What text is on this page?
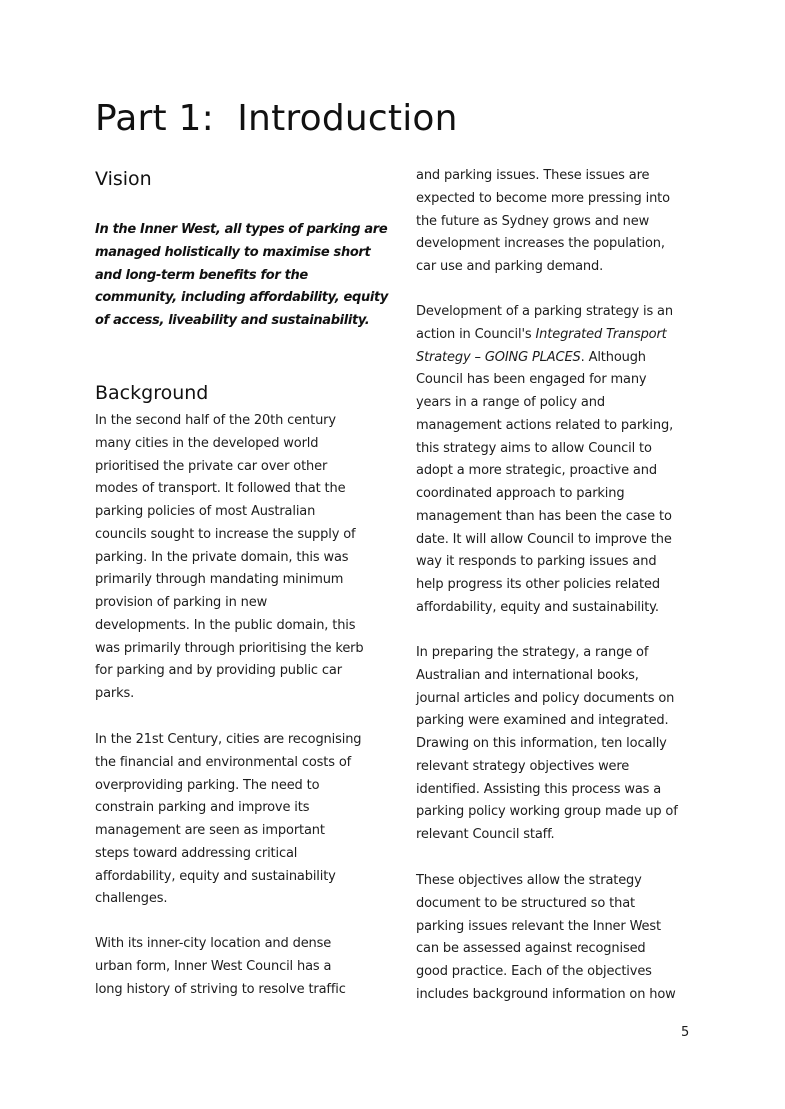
Part 1:  Introduction
Vision

In the Inner West, all types of parking are
managed holistically to maximise short
and long-term benefits for the
community, including affordability, equity
of access, liveability and sustainability.

Background

In the second half of the 20th century
many cities in the developed world
prioritised the private car over other
modes of transport. It followed that the
parking policies of most Australian
councils sought to increase the supply of
parking. In the private domain, this was
primarily through mandating minimum
provision of parking in new
developments. In the public domain, this
was primarily through prioritising the kerb
for parking and by providing public car
parks.

In the 21st Century, cities are recognising
the financial and environmental costs of
overproviding parking. The need to
constrain parking and improve its
management are seen as important
steps toward addressing critical
affordability, equity and sustainability
challenges.

With its inner-city location and dense
urban form, Inner West Council has a
long history of striving to resolve traffic

and parking issues. These issues are
expected to become more pressing into
the future as Sydney grows and new
development increases the population,
car use and parking demand.

Development of a parking strategy is an
action in Council's Integrated Transport
Strategy – GOING PLACES. Although
Council has been engaged for many
years in a range of policy and
management actions related to parking,
this strategy aims to allow Council to
adopt a more strategic, proactive and
coordinated approach to parking
management than has been the case to
date. It will allow Council to improve the
way it responds to parking issues and
help progress its other policies related
affordability, equity and sustainability.

In preparing the strategy, a range of
Australian and international books,
journal articles and policy documents on
parking were examined and integrated.
Drawing on this information, ten locally
relevant strategy objectives were
identified. Assisting this process was a
parking policy working group made up of
relevant Council staff.

These objectives allow the strategy
document to be structured so that
parking issues relevant the Inner West
can be assessed against recognised
good practice. Each of the objectives
includes background information on how

5
